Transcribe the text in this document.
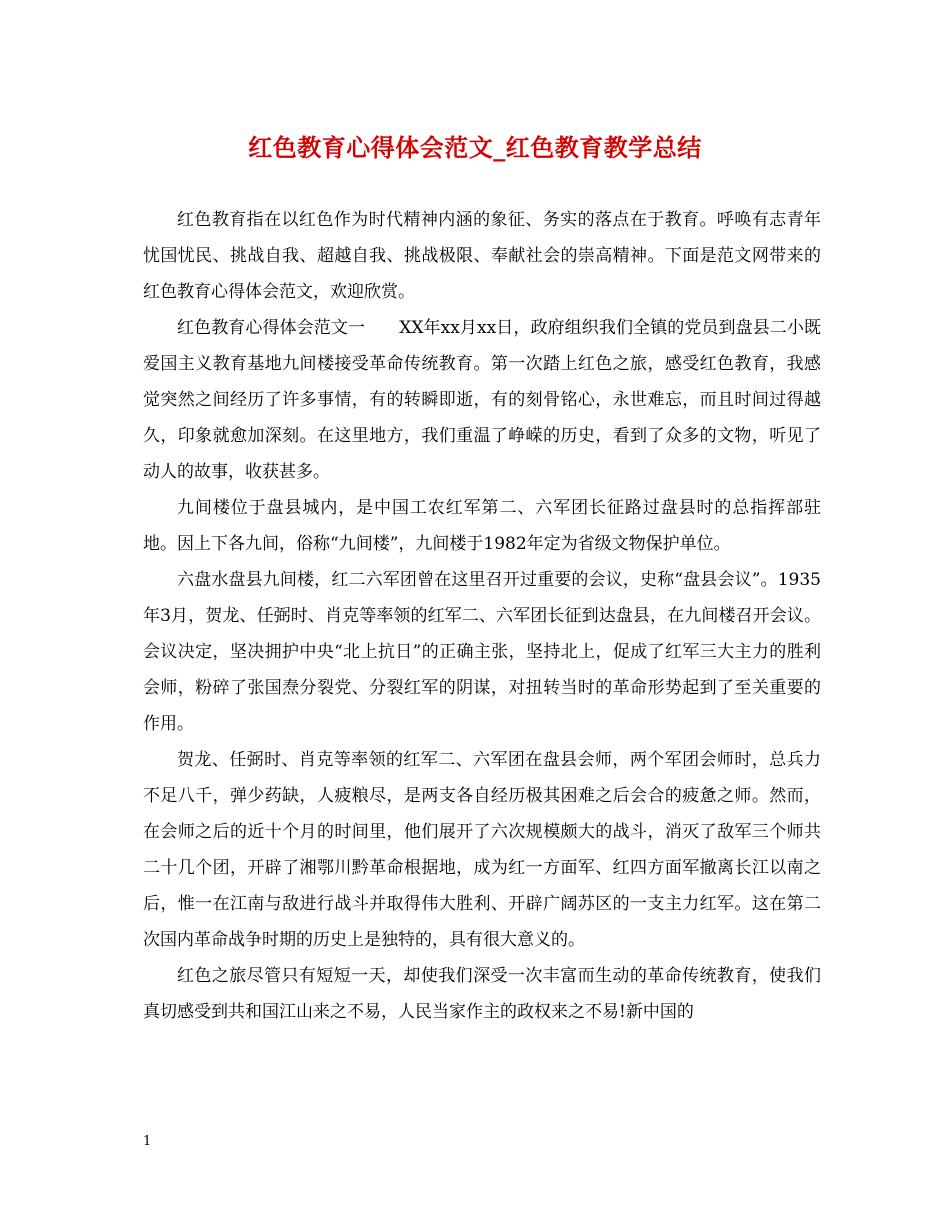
红色教育心得体会范文_红色教育教学总结

红色教育指在以红色作为时代精神内涵的象征、务实的落点在于教育。呼唤有志青年忧国忧民、挑战自我、超越自我、挑战极限、奉献社会的崇高精神。下面是范文网带来的红色教育心得体会范文，欢迎欣赏。

红色教育心得体会范文一　　XX年xx月xx日，政府组织我们全镇的党员到盘县二小既爱国主义教育基地九间楼接受革命传统教育。第一次踏上红色之旅，感受红色教育，我感觉突然之间经历了许多事情，有的转瞬即逝，有的刻骨铭心，永世难忘，而且时间过得越久，印象就愈加深刻。在这里地方，我们重温了峥嵘的历史，看到了众多的文物，听见了动人的故事，收获甚多。

九间楼位于盘县城内，是中国工农红军第二、六军团长征路过盘县时的总指挥部驻地。因上下各九间，俗称“九间楼”，九间楼于1982年定为省级文物保护单位。

六盘水盘县九间楼，红二六军团曾在这里召开过重要的会议，史称“盘县会议”。1935年3月，贺龙、任弼时、肖克等率领的红军二、六军团长征到达盘县，在九间楼召开会议。会议决定，坚决拥护中央“北上抗日”的正确主张，坚持北上，促成了红军三大主力的胜利会师，粉碎了张国焘分裂党、分裂红军的阴谋，对扭转当时的革命形势起到了至关重要的作用。

贺龙、任弼时、肖克等率领的红军二、六军团在盘县会师，两个军团会师时，总兵力不足八千，弹少药缺，人疲粮尽，是两支各自经历极其困难之后会合的疲惫之师。然而，在会师之后的近十个月的时间里，他们展开了六次规模颇大的战斗，消灭了敌军三个师共二十几个团，开辟了湘鄂川黔革命根据地，成为红一方面军、红四方面军撤离长江以南之后，惟一在江南与敌进行战斗并取得伟大胜利、开辟广阔苏区的一支主力红军。这在第二次国内革命战争时期的历史上是独特的，具有很大意义的。

红色之旅尽管只有短短一天，却使我们深受一次丰富而生动的革命传统教育，使我们真切感受到共和国江山来之不易，人民当家作主的政权来之不易!新中国的

1
